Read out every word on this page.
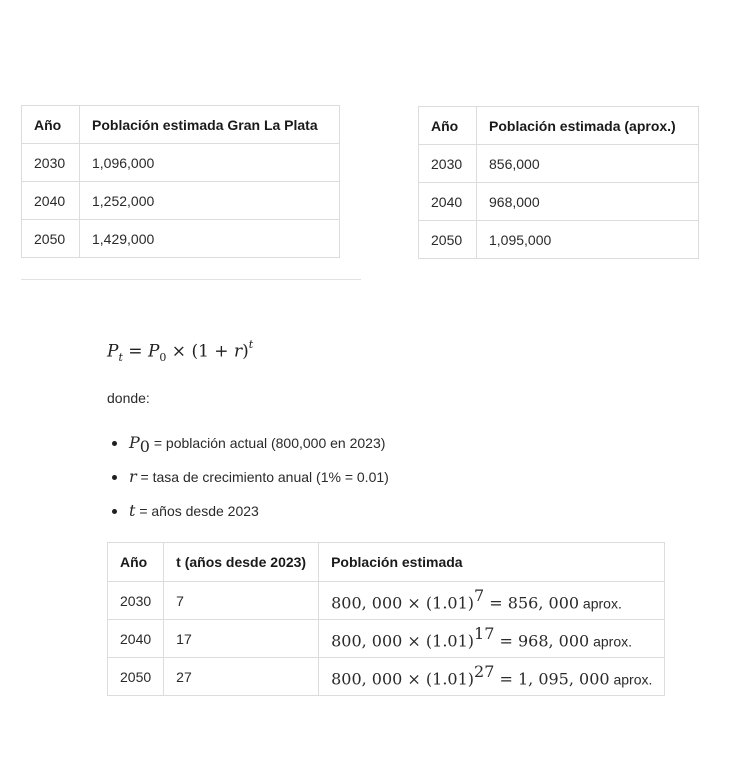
Año	Población estimada Gran La Plata
2030	1,096,000
2040	1,252,000
2050	1,429,000
Año	Población estimada (aprox.)
2030	856,000
2040	968,000
2050	1,095,000
$P_t = P_0 \times (1 + r)^t$
donde:
$P_0$ = población actual (800,000 en 2023)
r = tasa de crecimiento anual (1% = 0.01)
t = años desde 2023
Año	t (años desde 2023)	Población estimada
2030	7	800, $000 \times (1.01)^7 = 856$, 000 aprox.
2040	17	800, $000 \times (1.01)^{17} = 968$, 000 aprox.
2050	27	800, $000 \times (1.01)^{27} = 1$, 095, 000 aprox.
